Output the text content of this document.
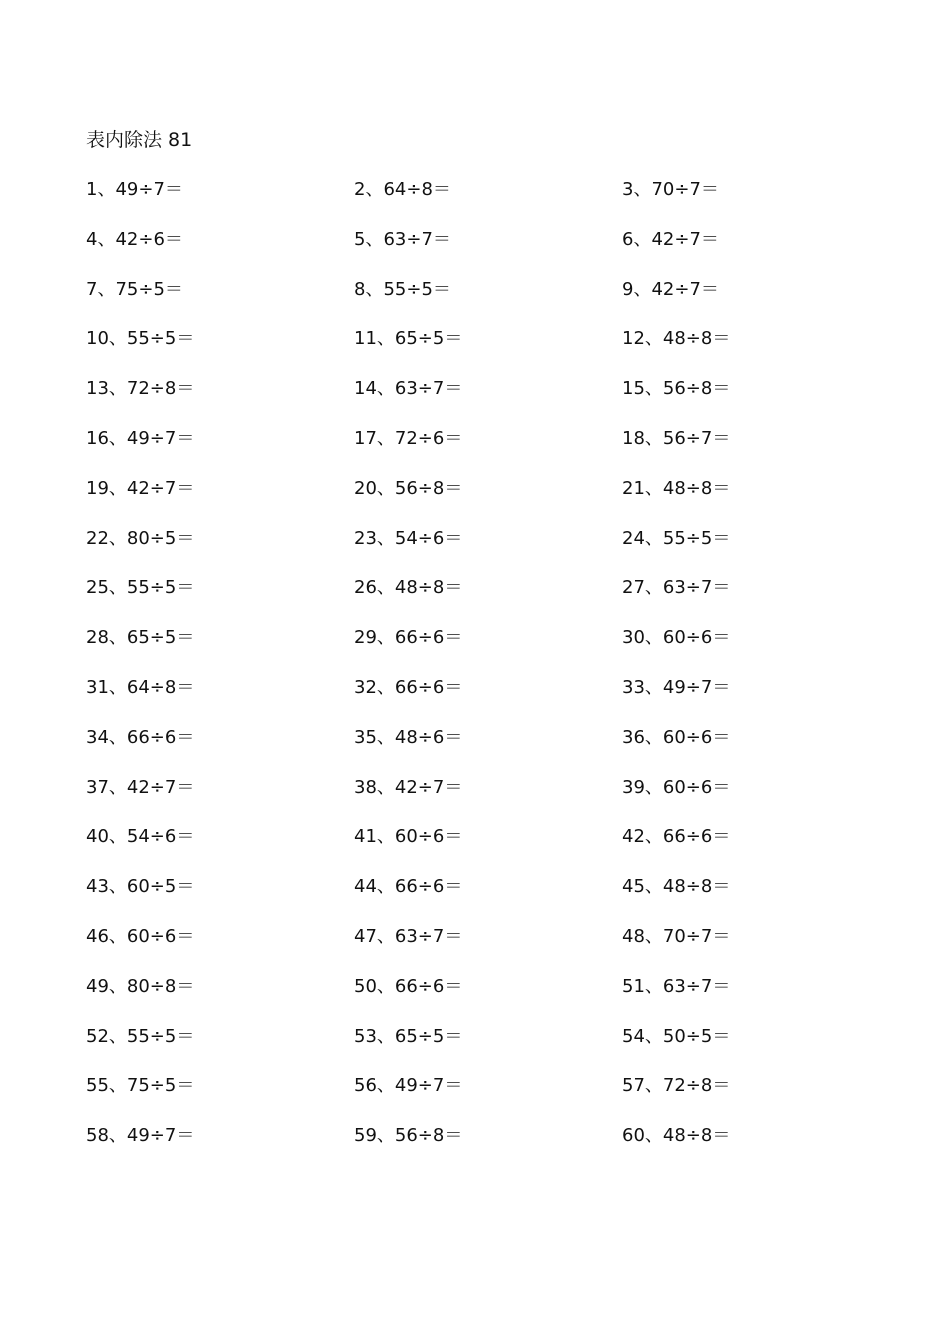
表内除法 81
1、49÷7＝	2、64÷8＝	3、70÷7＝
4、42÷6＝	5、63÷7＝	6、42÷7＝
7、75÷5＝	8、55÷5＝	9、42÷7＝
10、55÷5＝	11、65÷5＝	12、48÷8＝
13、72÷8＝	14、63÷7＝	15、56÷8＝
16、49÷7＝	17、72÷6＝	18、56÷7＝
19、42÷7＝	20、56÷8＝	21、48÷8＝
22、80÷5＝	23、54÷6＝	24、55÷5＝
25、55÷5＝	26、48÷8＝	27、63÷7＝
28、65÷5＝	29、66÷6＝	30、60÷6＝
31、64÷8＝	32、66÷6＝	33、49÷7＝
34、66÷6＝	35、48÷6＝	36、60÷6＝
37、42÷7＝	38、42÷7＝	39、60÷6＝
40、54÷6＝	41、60÷6＝	42、66÷6＝
43、60÷5＝	44、66÷6＝	45、48÷8＝
46、60÷6＝	47、63÷7＝	48、70÷7＝
49、80÷8＝	50、66÷6＝	51、63÷7＝
52、55÷5＝	53、65÷5＝	54、50÷5＝
55、75÷5＝	56、49÷7＝	57、72÷8＝
58、49÷7＝	59、56÷8＝	60、48÷8＝
